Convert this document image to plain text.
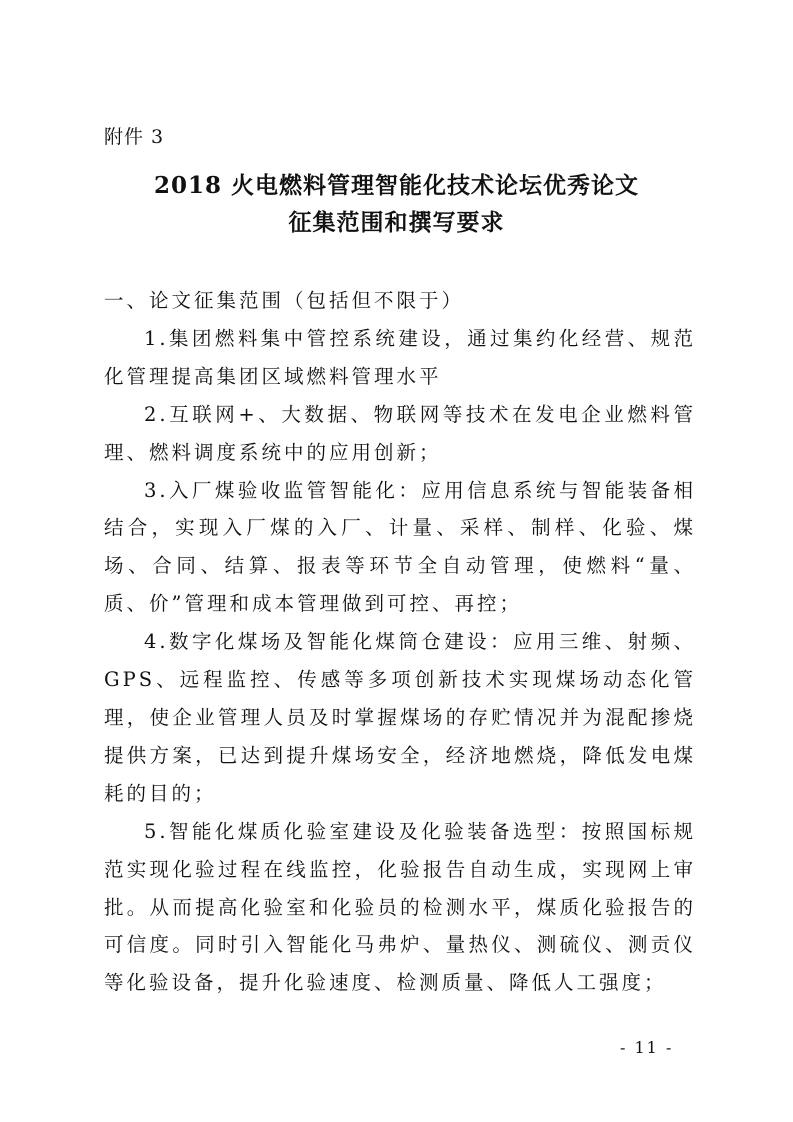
附件 3
2018 火电燃料管理智能化技术论坛优秀论文
征集范围和撰写要求

一、论文征集范围（包括但不限于）

1.集团燃料集中管控系统建设，通过集约化经营、规范化管理提高集团区域燃料管理水平

2.互联网+、大数据、物联网等技术在发电企业燃料管理、燃料调度系统中的应用创新；

3.入厂煤验收监管智能化：应用信息系统与智能装备相结合，实现入厂煤的入厂、计量、采样、制样、化验、煤场、合同、结算、报表等环节全自动管理，使燃料“量、质、价”管理和成本管理做到可控、再控；

4.数字化煤场及智能化煤筒仓建设：应用三维、射频、GPS、远程监控、传感等多项创新技术实现煤场动态化管理，使企业管理人员及时掌握煤场的存贮情况并为混配掺烧提供方案，已达到提升煤场安全，经济地燃烧，降低发电煤耗的目的；

5.智能化煤质化验室建设及化验装备选型：按照国标规范实现化验过程在线监控，化验报告自动生成，实现网上审批。从而提高化验室和化验员的检测水平，煤质化验报告的可信度。同时引入智能化马弗炉、量热仪、测硫仪、测贡仪等化验设备，提升化验速度、检测质量、降低人工强度；

- 11 -
